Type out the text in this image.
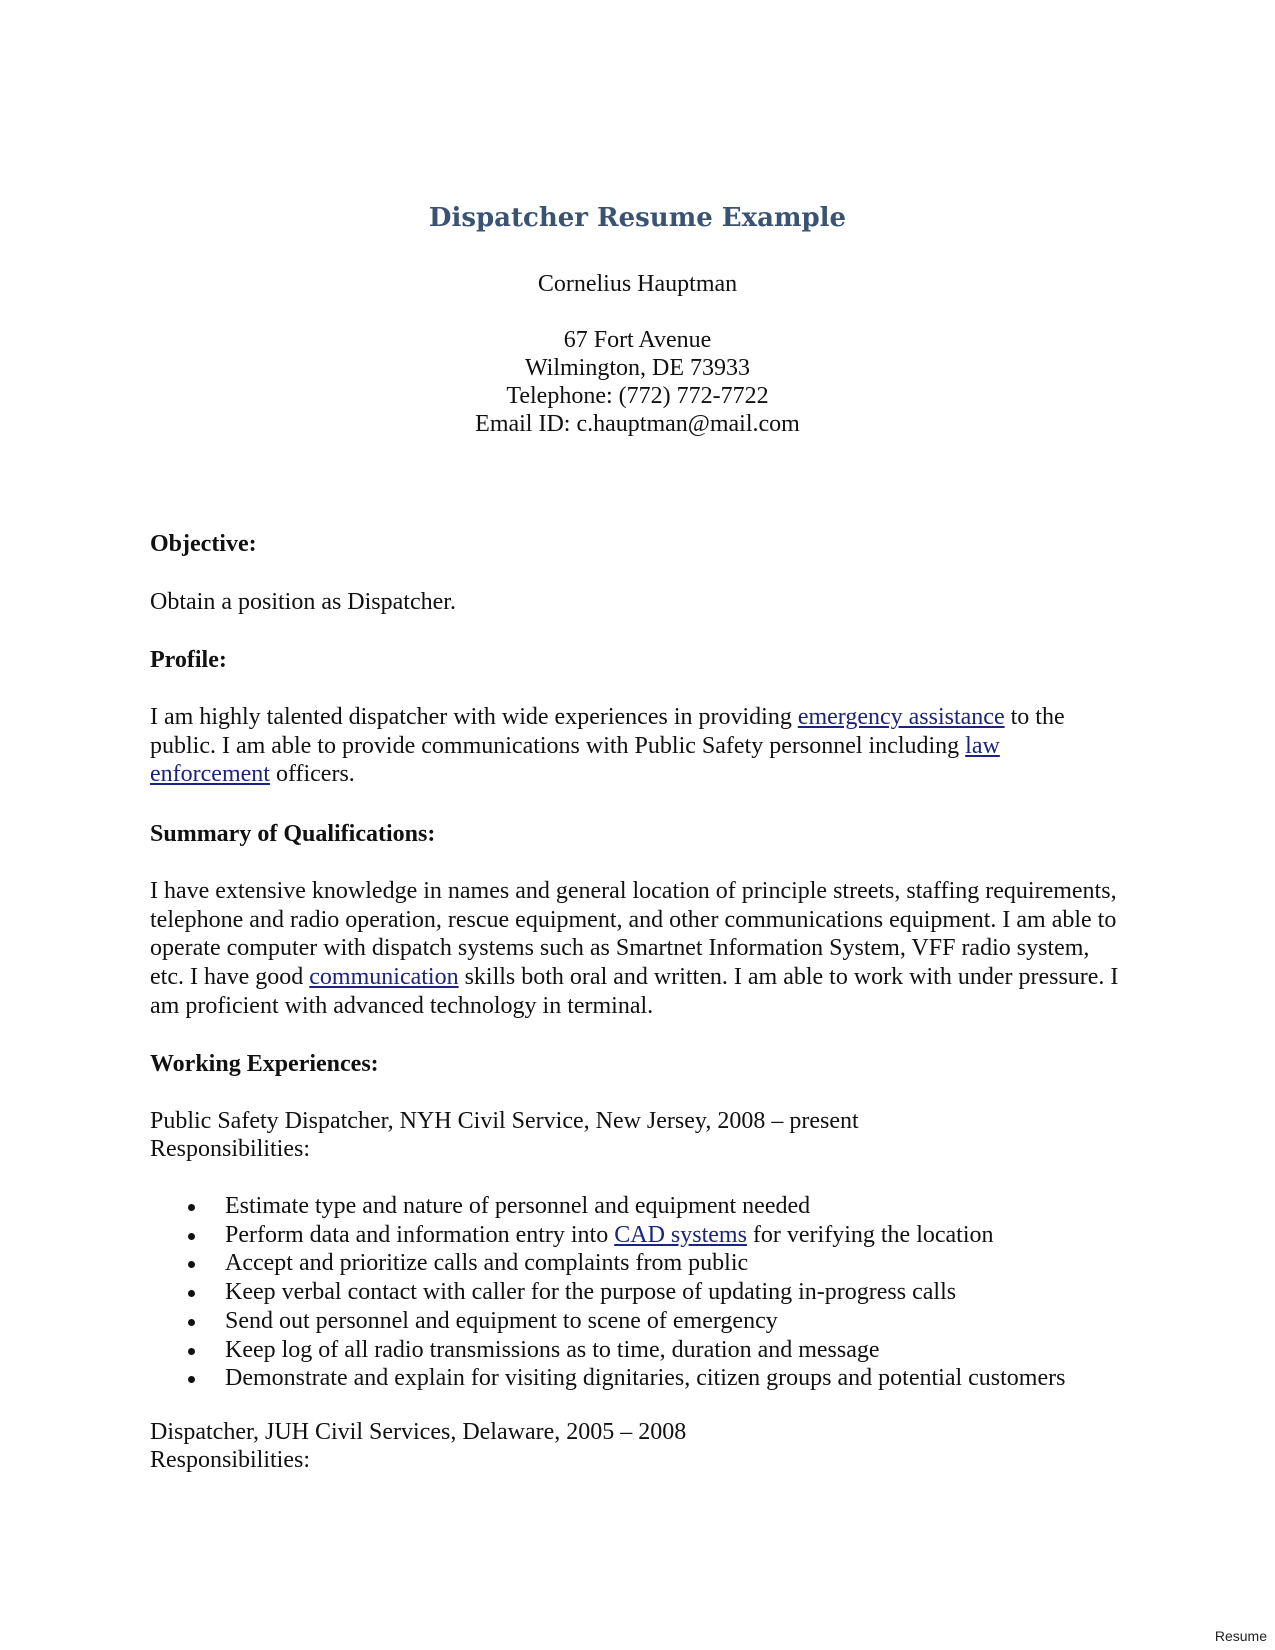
Dispatcher Resume Example
Cornelius Hauptman
67 Fort Avenue
Wilmington, DE 73933
Telephone: (772) 772-7722
Email ID: c.hauptman@mail.com
Objective:

Obtain a position as Dispatcher.

Profile:

I am highly talented dispatcher with wide experiences in providing emergency assistance to the public. I am able to provide communications with Public Safety personnel including law enforcement officers.

Summary of Qualifications:

I have extensive knowledge in names and general location of principle streets, staffing requirements, telephone and radio operation, rescue equipment, and other communications equipment. I am able to operate computer with dispatch systems such as Smartnet Information System, VFF radio system, etc. I have good communication skills both oral and written. I am able to work with under pressure. I am proficient with advanced technology in terminal.

Working Experiences:
Public Safety Dispatcher, NYH Civil Service, New Jersey, 2008 – present
Responsibilities:
Estimate type and nature of personnel and equipment needed
Perform data and information entry into CAD systems for verifying the location
Accept and prioritize calls and complaints from public
Keep verbal contact with caller for the purpose of updating in-progress calls
Send out personnel and equipment to scene of emergency
Keep log of all radio transmissions as to time, duration and message
Demonstrate and explain for visiting dignitaries, citizen groups and potential customers
Dispatcher, JUH Civil Services, Delaware, 2005 – 2008
Responsibilities:
Resume
